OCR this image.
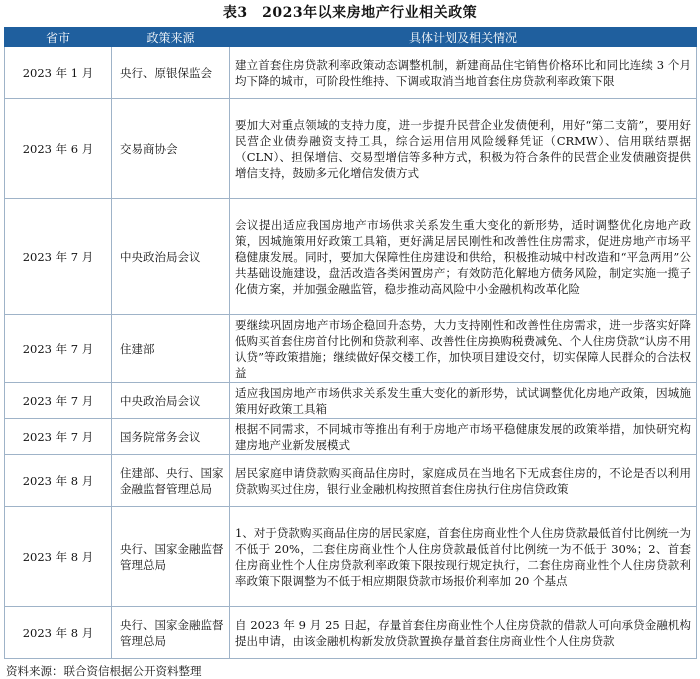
表3　2023年以来房地产行业相关政策
省市	政策来源	具体计划及相关情况
2023 年 1 月	央行、原银保监会	建立首套住房贷款利率政策动态调整机制，新建商品住宅销售价格环比和同比连续 3 个月均下降的城市，可阶段性维持、下调或取消当地首套住房贷款利率政策下限
2023 年 6 月	交易商协会	要加大对重点领域的支持力度，进一步提升民营企业发债便利，用好“第二支箭”，要用好民营企业债券融资支持工具，综合运用信用风险缓释凭证（CRMW）、信用联结票据（CLN）、担保增信、交易型增信等多种方式，积极为符合条件的民营企业发债融资提供增信支持，鼓励多元化增信发债方式
2023 年 7 月	中央政治局会议	会议提出适应我国房地产市场供求关系发生重大变化的新形势，适时调整优化房地产政策，因城施策用好政策工具箱，更好满足居民刚性和改善性住房需求，促进房地产市场平稳健康发展。同时，要加大保障性住房建设和供给，积极推动城中村改造和“平急两用”公共基础设施建设，盘活改造各类闲置房产；有效防范化解地方债务风险，制定实施一揽子化债方案，并加强金融监管，稳步推动高风险中小金融机构改革化险
2023 年 7 月	住建部	要继续巩固房地产市场企稳回升态势，大力支持刚性和改善性住房需求，进一步落实好降低购买首套住房首付比例和贷款利率、改善性住房换购税费减免、个人住房贷款“认房不用认贷”等政策措施；继续做好保交楼工作，加快项目建设交付，切实保障人民群众的合法权益
2023 年 7 月	中央政治局会议	适应我国房地产市场供求关系发生重大变化的新形势，试试调整优化房地产政策，因城施策用好政策工具箱
2023 年 7 月	国务院常务会议	根据不同需求，不同城市等推出有利于房地产市场平稳健康发展的政策举措，加快研究构建房地产业新发展模式
2023 年 8 月	住建部、央行、国家金融监督管理总局	居民家庭申请贷款购买商品住房时，家庭成员在当地名下无成套住房的，不论是否以利用贷款购买过住房，银行业金融机构按照首套住房执行住房信贷政策
2023 年 8 月	央行、国家金融监督管理总局	1、对于贷款购买商品住房的居民家庭，首套住房商业性个人住房贷款最低首付比例统一为不低于 20%，二套住房商业性个人住房贷款最低首付比例统一为不低于 30%；2、首套住房商业性个人住房贷款利率政策下限按现行规定执行，二套住房商业性个人住房贷款利率政策下限调整为不低于相应期限贷款市场报价利率加 20 个基点
2023 年 8 月	央行、国家金融监督管理总局	自 2023 年 9 月 25 日起，存量首套住房商业性个人住房贷款的借款人可向承贷金融机构提出申请，由该金融机构新发放贷款置换存量首套住房商业性个人住房贷款
资料来源：联合资信根据公开资料整理
